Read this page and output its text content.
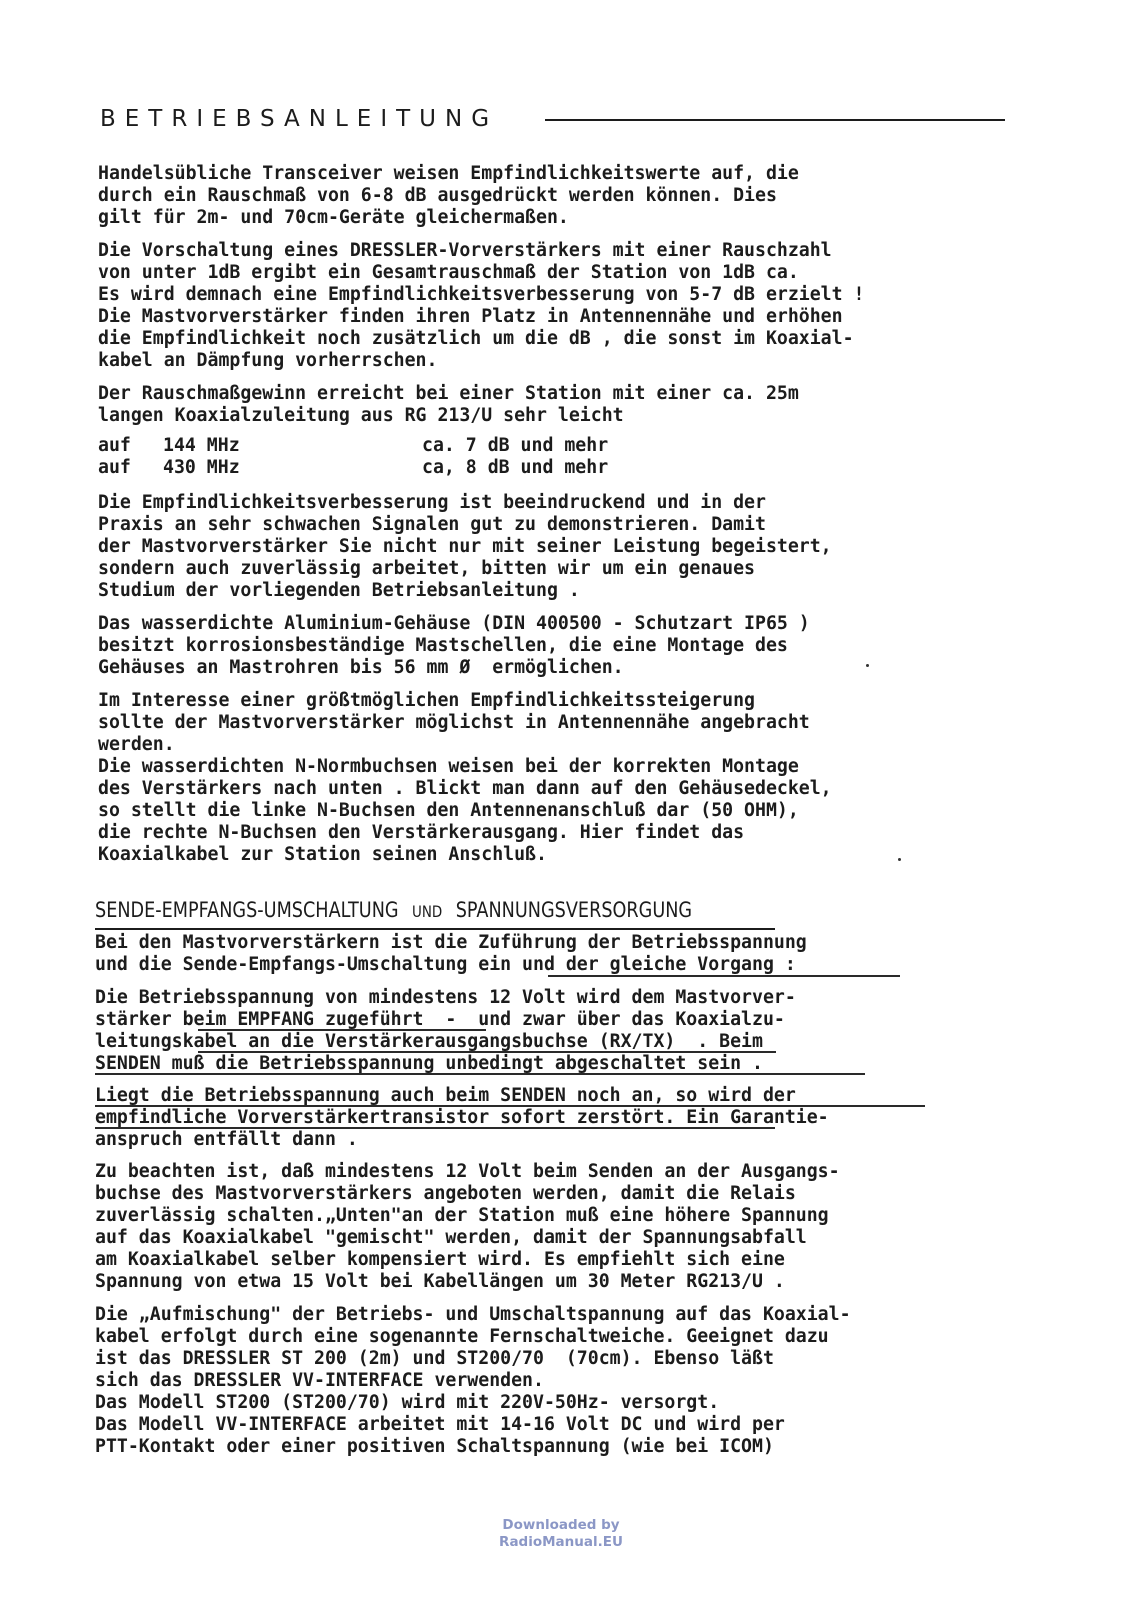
BETRIEBSANLEITUNG
Handelsübliche Transceiver weisen Empfindlichkeitswerte auf, die
durch ein Rauschmaß von 6-8 dB ausgedrückt werden können. Dies
gilt für 2m- und 70cm-Geräte gleichermaßen.
Die Vorschaltung eines DRESSLER-Vorverstärkers mit einer Rauschzahl
von unter 1dB ergibt ein Gesamtrauschmaß der Station von 1dB ca.
Es wird demnach eine Empfindlichkeitsverbesserung von 5-7 dB erzielt !
Die Mastvorverstärker finden ihren Platz in Antennennähe und erhöhen
die Empfindlichkeit noch zusätzlich um die dB , die sonst im Koaxial-
kabel an Dämpfung vorherrschen.
Der Rauschmaßgewinn erreicht bei einer Station mit einer ca. 25m
langen Koaxialzuleitung aus RG 213/U sehr leicht
auf 144 MHz	ca. 7 dB und mehr
auf 430 MHz	ca, 8 dB und mehr
Die Empfindlichkeitsverbesserung ist beeindruckend und in der
Praxis an sehr schwachen Signalen gut zu demonstrieren. Damit
der Mastvorverstärker Sie nicht nur mit seiner Leistung begeistert,
sondern auch zuverlässig arbeitet, bitten wir um ein genaues
Studium der vorliegenden Betriebsanleitung .
Das wasserdichte Aluminium-Gehäuse (DIN 400500 - Schutzart IP65 )
besitzt korrosionsbeständige Mastschellen, die eine Montage des
Gehäuses an Mastrohren bis 56 mm Ø  ermöglichen.
Im Interesse einer größtmöglichen Empfindlichkeitssteigerung
sollte der Mastvorverstärker möglichst in Antennennähe angebracht
werden.
Die wasserdichten N-Normbuchsen weisen bei der korrekten Montage
des Verstärkers nach unten . Blickt man dann auf den Gehäusedeckel,
so stellt die linke N-Buchsen den Antennenanschluß dar (50 OHM),
die rechte N-Buchsen den Verstärkerausgang. Hier findet das
Koaxialkabel zur Station seinen Anschluß.
SENDE-EMPFANGS-UMSCHALTUNG UND SPANNUNGSVERSORGUNG
Bei den Mastvorverstärkern ist die Zuführung der Betriebsspannung
und die Sende-Empfangs-Umschaltung ein und der gleiche Vorgang :
Die Betriebsspannung von mindestens 12 Volt wird dem Mastvorver-
stärker beim EMPFANG zugeführt  -  und zwar über das Koaxialzu-
leitungskabel an die Verstärkerausgangsbuchse (RX/TX)  . Beim
SENDEN muß die Betriebsspannung unbedingt abgeschaltet sein .
Liegt die Betriebsspannung auch beim SENDEN noch an, so wird der
empfindliche Vorverstärkertransistor sofort zerstört. Ein Garantie-
anspruch entfällt dann .
Zu beachten ist, daß mindestens 12 Volt beim Senden an der Ausgangs-
buchse des Mastvorverstärkers angeboten werden, damit die Relais
zuverlässig schalten.„Unten"an der Station muß eine höhere Spannung
auf das Koaxialkabel "gemischt" werden, damit der Spannungsabfall
am Koaxialkabel selber kompensiert wird. Es empfiehlt sich eine
Spannung von etwa 15 Volt bei Kabellängen um 30 Meter RG213/U .
Die „Aufmischung" der Betriebs- und Umschaltspannung auf das Koaxial-
kabel erfolgt durch eine sogenannte Fernschaltweiche. Geeignet dazu
ist das DRESSLER ST 200 (2m) und ST200/70  (70cm). Ebenso läßt
sich das DRESSLER VV-INTERFACE verwenden.
Das Modell ST200 (ST200/70) wird mit 220V-50Hz- versorgt.
Das Modell VV-INTERFACE arbeitet mit 14-16 Volt DC und wird per
PTT-Kontakt oder einer positiven Schaltspannung (wie bei ICOM)
Downloaded by
RadioManual.EU
